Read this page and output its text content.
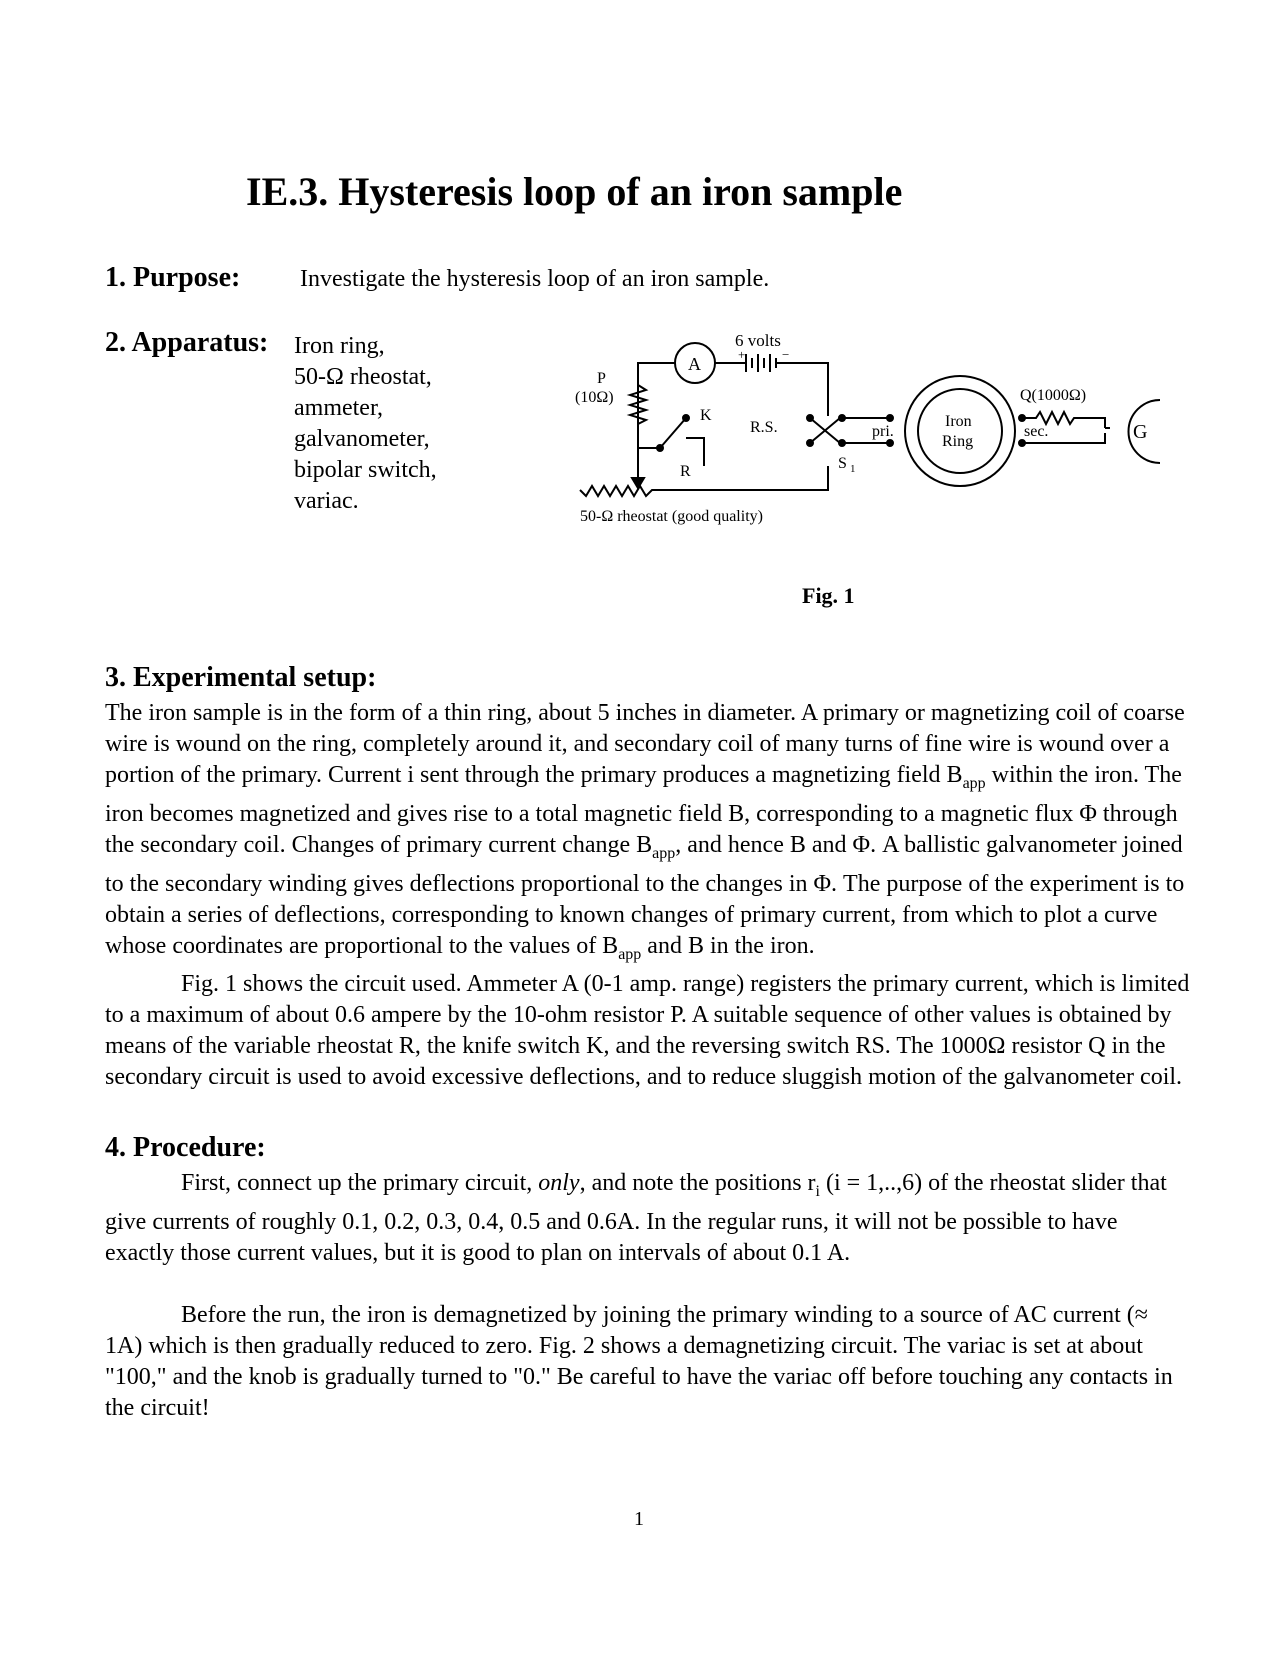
IE.3. Hysteresis loop of an iron sample
1. Purpose: Investigate the hysteresis loop of an iron sample.
2. Apparatus: Iron ring,
50-Ω rheostat,
ammeter,
galvanometer,
bipolar switch,
variac.
A
6 volts
+	−
P
(10Ω)
K
R.S.
S 1
R
50-Ω rheostat (good quality)
pri.
Iron
Ring
Q(1000Ω)
sec.	G
Fig. 1
3. Experimental setup:

The iron sample is in the form of a thin ring, about 5 inches in diameter. A primary or magnetizing coil of coarse wire is wound on the ring, completely around it, and secondary coil of many turns of fine wire is wound over a portion of the primary. Current i sent through the primary produces a magnetizing field $B_{app}$ within the iron. The iron becomes magnetized and gives rise to a total magnetic field B, corresponding to a magnetic flux Φ through the secondary coil. Changes of primary current change $B_{app}$, and hence B and Φ. A ballistic galvanometer joined to the secondary winding gives deflections proportional to the changes in Φ. The purpose of the experiment is to obtain a series of deflections, corresponding to known changes of primary current, from which to plot a curve whose coordinates are proportional to the values of $B_{app}$ and B in the iron.

Fig. 1 shows the circuit used. Ammeter A (0-1 amp. range) registers the primary current, which is limited to a maximum of about 0.6 ampere by the 10-ohm resistor P. A suitable sequence of other values is obtained by means of the variable rheostat R, the knife switch K, and the reversing switch RS. The 1000Ω resistor Q in the secondary circuit is used to avoid excessive deflections, and to reduce sluggish motion of the galvanometer coil.

4. Procedure:

First, connect up the primary circuit, only, and note the positions $r_i$ (i = 1,..,6) of the rheostat slider that give currents of roughly 0.1, 0.2, 0.3, 0.4, 0.5 and 0.6A. In the regular runs, it will not be possible to have exactly those current values, but it is good to plan on intervals of about 0.1 A.

Before the run, the iron is demagnetized by joining the primary winding to a source of AC current (≈ 1A) which is then gradually reduced to zero. Fig. 2 shows a demagnetizing circuit. The variac is set at about "100," and the knob is gradually turned to "0." Be careful to have the variac off before touching any contacts in the circuit!

1
